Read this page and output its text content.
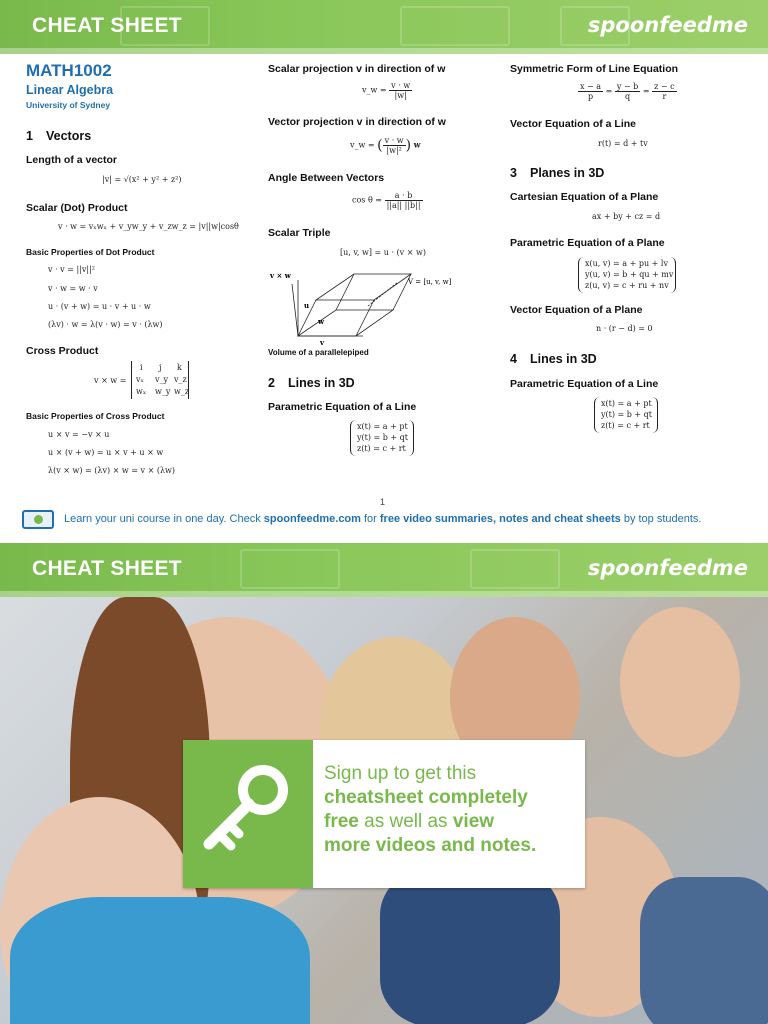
CHEAT SHEET	spoonfeedme
MATH1002
Linear Algebra
University of Sydney
1 Vectors
Length of a vector
|v| = √(x² + y² + z²)
Scalar (Dot) Product
v · w = vₓwₓ + v_yw_y + v_zw_z = |v||w|cosθ
Basic Properties of Dot Product
v · v = ||v||²
v · w = w · v
u · (v + w) = u · v + u · w
(λv) · w = λ(v · w) = v · (λw)
Cross Product
v × w =
i j k
vₓ v_y v_z
wₓ w_y w_z
Basic Properties of Cross Product
u × v = −v × u
u × (v + w) = u × v + u × w
λ(v × w) = (λv) × w = v × (λw)
Scalar projection v in direction of w
v_w = $\frac{v \cdot w}{|w|}$
Vector projection v in direction of w
v_w = ( $\frac{v \cdot w}{\text{|w|²}}$ ) w
Angle Between Vectors
$\cos \theta = \frac{a \cdot b}{||a|| ||b||}$
Scalar Triple
[u, v, w] = u · (v × w)
v × w
u
w
v
V = [u, v, w]
Volume of a parallelepiped
2 Lines in 3D
Parametric Equation of a Line
x(t) = a + pt
y(t) = b + qt
z(t) = c + rt
Symmetric Form of Line Equation
$\frac{x - a}{p} = \frac{y - b}{q} = \frac{z - c}{r}$
Vector Equation of a Line
r(t) = d + tv
3 Planes in 3D
Cartesian Equation of a Plane
ax + by + cz = d
Parametric Equation of a Plane
x(u, v) = a + pu + lv
y(u, v) = b + qu + mv
z(u, v) = c + ru + nv
Vector Equation of a Plane
n · (r − d) = 0
4 Lines in 3D
Parametric Equation of a Line
x(t) = a + pt
y(t) = b + qt
z(t) = c + rt
1
Learn your uni course in one day. Check spoonfeedme.com for free video summaries, notes and cheat sheets by top students.
CHEAT SHEET	spoonfeedme
Sign up to get this
cheatsheet completely
free as well as view
more videos and notes.
